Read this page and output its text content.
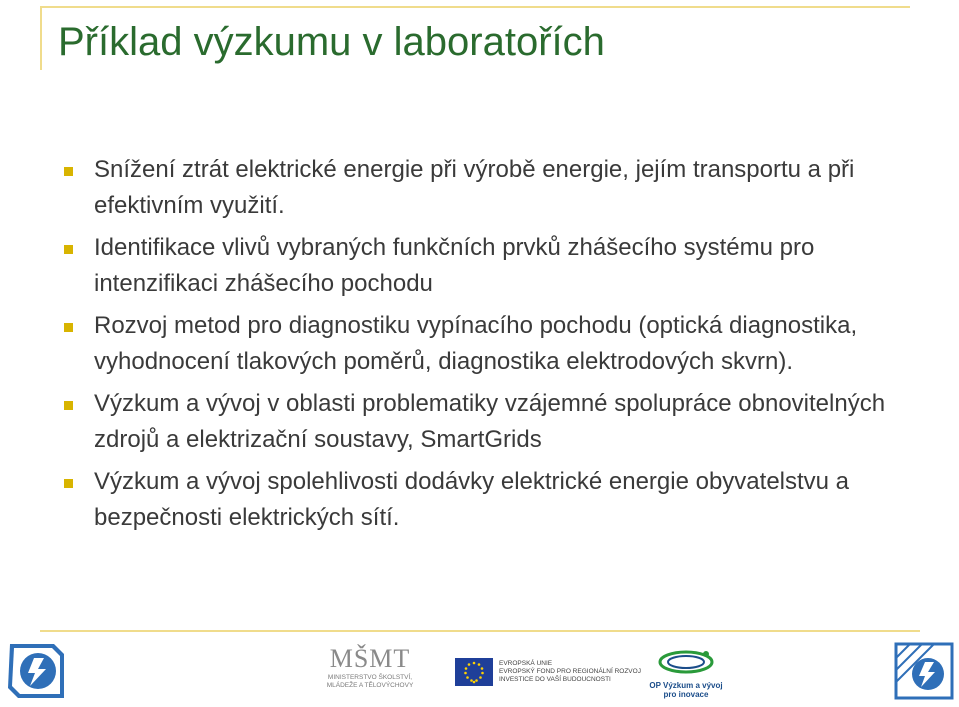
Příklad výzkumu v laboratořích
Snížení ztrát elektrické energie při výrobě energie, jejím transportu a při efektivním využití.
Identifikace vlivů vybraných funkčních prvků zhášecího systému pro intenzifikaci zhášecího pochodu
Rozvoj metod pro diagnostiku vypínacího pochodu (optická diagnostika, vyhodnocení tlakových poměrů, diagnostika elektrodových skvrn).
Výzkum a vývoj v oblasti problematiky vzájemné spolupráce obnovitelných zdrojů a elektrizační soustavy, SmartGrids
Výzkum a vývoj spolehlivosti dodávky elektrické energie obyvatelstvu a bezpečnosti elektrických sítí.
MŠMT
MINISTERSTVO ŠKOLSTVÍ,
MLÁDEŽE A TĚLOVÝCHOVY
EVROPSKÁ UNIE
EVROPSKÝ FOND PRO REGIONÁLNÍ ROZVOJ
INVESTICE DO VAŠÍ BUDOUCNOSTI
OP Výzkum a vývoj
pro inovace
